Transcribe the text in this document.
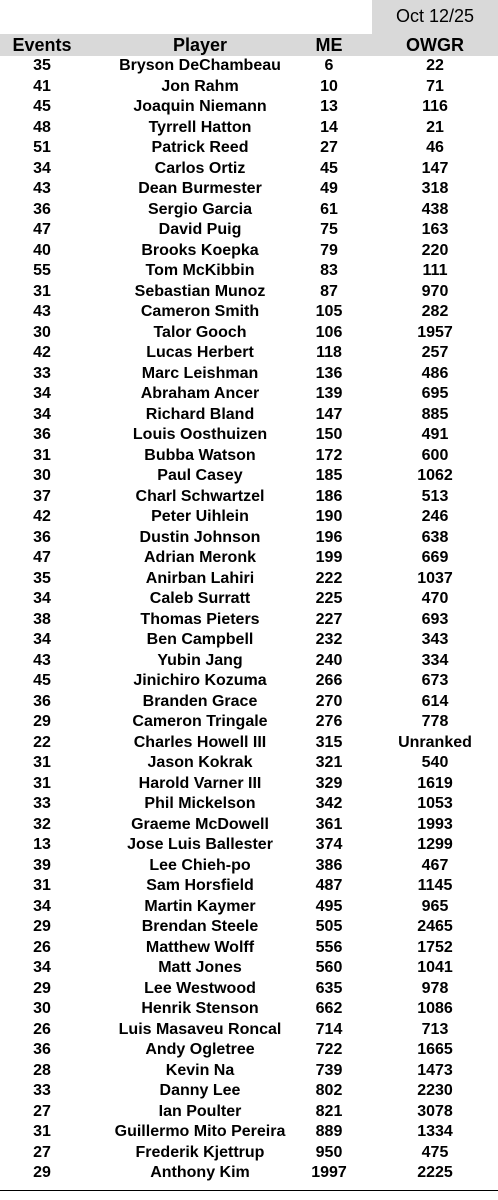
Oct 12/25
Events	Player	ME	OWGR
35	Bryson DeChambeau	6	22
41	Jon Rahm	10	71
45	Joaquin Niemann	13	116
48	Tyrrell Hatton	14	21
51	Patrick Reed	27	46
34	Carlos Ortiz	45	147
43	Dean Burmester	49	318
36	Sergio Garcia	61	438
47	David Puig	75	163
40	Brooks Koepka	79	220
55	Tom McKibbin	83	111
31	Sebastian Munoz	87	970
43	Cameron Smith	105	282
30	Talor Gooch	106	1957
42	Lucas Herbert	118	257
33	Marc Leishman	136	486
34	Abraham Ancer	139	695
34	Richard Bland	147	885
36	Louis Oosthuizen	150	491
31	Bubba Watson	172	600
30	Paul Casey	185	1062
37	Charl Schwartzel	186	513
42	Peter Uihlein	190	246
36	Dustin Johnson	196	638
47	Adrian Meronk	199	669
35	Anirban Lahiri	222	1037
34	Caleb Surratt	225	470
38	Thomas Pieters	227	693
34	Ben Campbell	232	343
43	Yubin Jang	240	334
45	Jinichiro Kozuma	266	673
36	Branden Grace	270	614
29	Cameron Tringale	276	778
22	Charles Howell III	315	Unranked
31	Jason Kokrak	321	540
31	Harold Varner III	329	1619
33	Phil Mickelson	342	1053
32	Graeme McDowell	361	1993
13	Jose Luis Ballester	374	1299
39	Lee Chieh-po	386	467
31	Sam Horsfield	487	1145
34	Martin Kaymer	495	965
29	Brendan Steele	505	2465
26	Matthew Wolff	556	1752
34	Matt Jones	560	1041
29	Lee Westwood	635	978
30	Henrik Stenson	662	1086
26	Luis Masaveu Roncal	714	713
36	Andy Ogletree	722	1665
28	Kevin Na	739	1473
33	Danny Lee	802	2230
27	Ian Poulter	821	3078
31	Guillermo Mito Pereira	889	1334
27	Frederik Kjettrup	950	475
29	Anthony Kim	1997	2225
